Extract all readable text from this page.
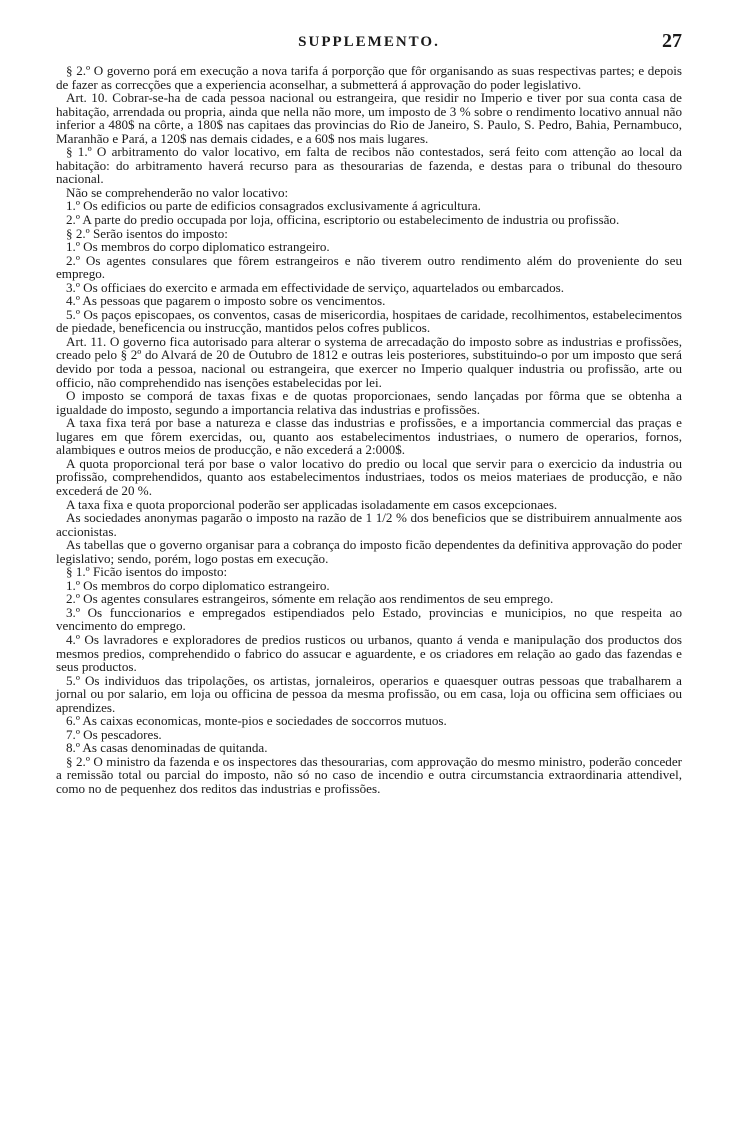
SUPPLEMENTO.	27

§ 2.º O governo porá em execução a nova tarifa á porporção que fôr organisando as suas respectivas partes; e depois de fazer as correcções que a experiencia aconselhar, a submetterá á approvação do poder legislativo.

Art. 10. Cobrar-se-ha de cada pessoa nacional ou estrangeira, que residir no Imperio e tiver por sua conta casa de habitação, arrendada ou propria, ainda que nella não more, um imposto de 3 % sobre o rendimento locativo annual não inferior a 480$ na côrte, a 180$ nas capitaes das provincias do Rio de Janeiro, S. Paulo, S. Pedro, Bahia, Pernambuco, Maranhão e Pará, a 120$ nas demais cidades, e a 60$ nos mais lugares.

§ 1.º O arbitramento do valor locativo, em falta de recibos não contestados, será feito com attenção ao local da habitação: do arbitramento haverá recurso para as thesourarias de fazenda, e destas para o tribunal do thesouro nacional.

Não se comprehenderão no valor locativo:

1.º Os edificios ou parte de edificios consagrados exclusivamente á agricultura.

2.º A parte do predio occupada por loja, officina, escriptorio ou estabelecimento de industria ou profissão.

§ 2.º Serão isentos do imposto:

1.º Os membros do corpo diplomatico estrangeiro.

2.º Os agentes consulares que fôrem estrangeiros e não tiverem outro rendimento além do proveniente do seu emprego.

3.º Os officiaes do exercito e armada em effectividade de serviço, aquartelados ou embarcados.

4.º As pessoas que pagarem o imposto sobre os vencimentos.

5.º Os paços episcopaes, os conventos, casas de misericordia, hospitaes de caridade, recolhimentos, estabelecimentos de piedade, beneficencia ou instrucção, mantidos pelos cofres publicos.

Art. 11. O governo fica autorisado para alterar o systema de arrecadação do imposto sobre as industrias e profissões, creado pelo § 2º do Alvará de 20 de Outubro de 1812 e outras leis posteriores, substituindo-o por um imposto que será devido por toda a pessoa, nacional ou estrangeira, que exercer no Imperio qualquer industria ou profissão, arte ou officio, não comprehendido nas isenções estabelecidas por lei.

O imposto se comporá de taxas fixas e de quotas proporcionaes, sendo lançadas por fôrma que se obtenha a igualdade do imposto, segundo a importancia relativa das industrias e profissões.

A taxa fixa terá por base a natureza e classe das industrias e profissões, e a importancia commercial das praças e lugares em que fôrem exercidas, ou, quanto aos estabelecimentos industriaes, o numero de operarios, fornos, alambiques e outros meios de producção, e não excederá a 2:000$.

A quota proporcional terá por base o valor locativo do predio ou local que servir para o exercicio da industria ou profissão, comprehendidos, quanto aos estabelecimentos industriaes, todos os meios materiaes de producção, e não excederá de 20 %.

A taxa fixa e quota proporcional poderão ser applicadas isoladamente em casos excepcionaes.

As sociedades anonymas pagarão o imposto na razão de 1 1/2 % dos beneficios que se distribuirem annualmente aos accionistas.

As tabellas que o governo organisar para a cobrança do imposto ficão dependentes da definitiva approvação do poder legislativo; sendo, porém, logo postas em execução.

§ 1.º Ficão isentos do imposto:

1.º Os membros do corpo diplomatico estrangeiro.

2.º Os agentes consulares estrangeiros, sómente em relação aos rendimentos de seu emprego.

3.º Os funccionarios e empregados estipendiados pelo Estado, provincias e municipios, no que respeita ao vencimento do emprego.

4.º Os lavradores e exploradores de predios rusticos ou urbanos, quanto á venda e manipulação dos productos dos mesmos predios, comprehendido o fabrico do assucar e aguardente, e os criadores em relação ao gado das fazendas e seus productos.

5.º Os individuos das tripolações, os artistas, jornaleiros, operarios e quaesquer outras pessoas que trabalharem a jornal ou por salario, em loja ou officina de pessoa da mesma profissão, ou em casa, loja ou officina sem officiaes ou aprendizes.

6.º As caixas economicas, monte-pios e sociedades de soccorros mutuos.

7.º Os pescadores.

8.º As casas denominadas de quitanda.

§ 2.º O ministro da fazenda e os inspectores das thesourarias, com approvação do mesmo ministro, poderão conceder a remissão total ou parcial do imposto, não só no caso de incendio e outra circumstancia extraordinaria attendivel, como no de pequenhez dos reditos das industrias e profissões.
